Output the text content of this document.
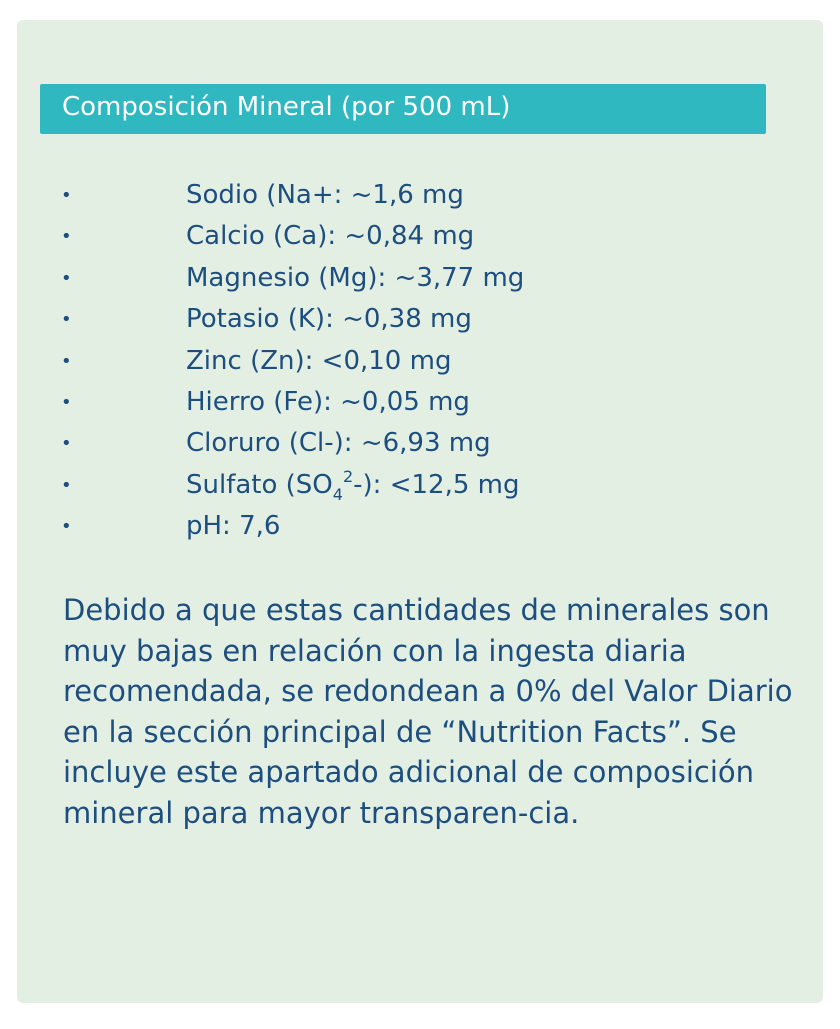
Composición Mineral (por 500 mL)
•	Sodio (Na+: ~1,6 mg
•	Calcio (Ca): ~0,84 mg
•	Magnesio (Mg): ~3,77 mg
•	Potasio (K): ~0,38 mg
•	Zinc (Zn): <0,10 mg
•	Hierro (Fe): ~0,05 mg
•	Cloruro (Cl-): ~6,93 mg
•	Sulfato $(SO_4^2-)$: <12,5 mg
•	pH: 7,6

Debido a que estas cantidades de minerales son muy bajas en relación con la ingesta diaria recomendada, se redondean a 0% del Valor Diario en la sección principal de “Nutrition Facts”. Se incluye este apartado adicional de composición mineral para mayor transparen-cia.
